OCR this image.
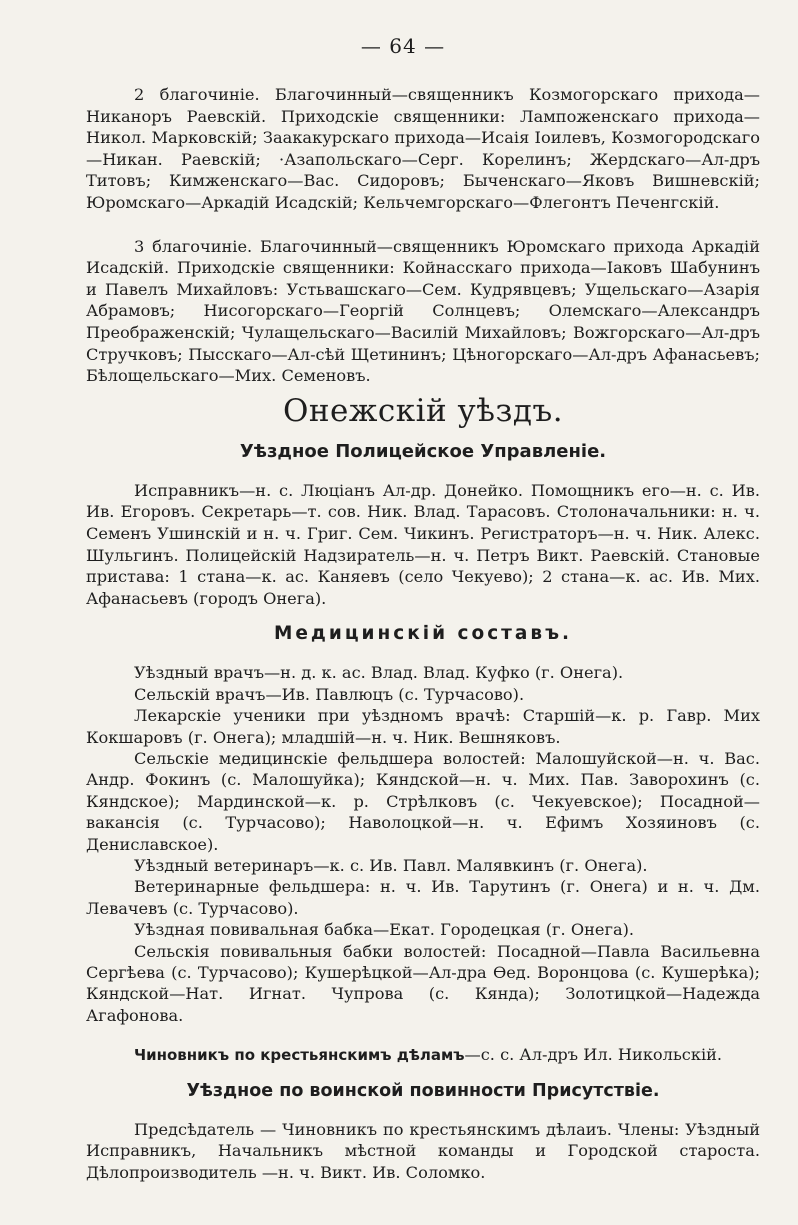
— 64 —

2 благочиніе. Благочинный—священникъ Козмогорскаго прихода—Никаноръ Раевскій. Приходскіе священники: Лампоженскаго прихода—Никол. Марковскій; Заакакурскаго прихода—Исаія Іоилевъ, Козмогородскаго—Никан. Раевскій; ·Азапольскаго—Серг. Корелинъ; Жердскаго—Ал-дръ Титовъ; Кимженскаго—Вас. Сидоровъ; Быченскаго—Яковъ Вишневскій; Юромскаго—Аркадій Исадскій; Кельчемгорскаго—Флегонтъ Печенгскій.

3 благочиніе. Благочинный—священникъ Юромскаго прихода Аркадій Исадскій. Приходскіе священники: Койнасскаго прихода—Іаковъ Шабунинъ и Павелъ Михайловъ: Устьвашскаго—Сем. Кудрявцевъ; Ущельскаго—Азарія Абрамовъ; Нисогорскаго—Георгій Солнцевъ; Олемскаго—Александръ Преображенскій; Чулащельскаго—Василій Михайловъ; Вожгорскаго—Ал-дръ Стручковъ; Пысскаго—Ал-сѣй Щетининъ; Цѣногорскаго—Ал-дръ Афанасьевъ; Бѣлощельскаго—Мих. Семеновъ.

Онежскій уѣздъ.
Уѣздное Полицейское Управленіе.

Исправникъ—н. с. Люціанъ Ал-др. Донейко. Помощникъ его—н. с. Ив. Ив. Егоровъ. Секретарь—т. сов. Ник. Влад. Тарасовъ. Столоначальники: н. ч. Семенъ Ушинскій и н. ч. Григ. Сем. Чикинъ. Регистраторъ—н. ч. Ник. Алекс. Шульгинъ. Полицейскій Надзиратель—н. ч. Петръ Викт. Раевскій. Становые пристава: 1 стана—к. ас. Каняевъ (село Чекуево); 2 стана—к. ас. Ив. Мих. Афанасьевъ (городъ Онега).

Медицинскій составъ.

Уѣздный врачъ—н. д. к. ас. Влад. Влад. Куфко (г. Онега).

Сельскій врачъ—Ив. Павлюцъ (с. Турчасово).

Лекарскіе ученики при уѣздномъ врачѣ: Старшій—к. р. Гавр. Мих Кокшаровъ (г. Онега); младшій—н. ч. Ник. Вешняковъ.

Сельскіе медицинскіе фельдшера волостей: Малошуйской—н. ч. Вас. Андр. Фокинъ (с. Малошуйка); Кяндской—н. ч. Мих. Пав. Заворохинъ (с. Кяндское); Мардинской—к. р. Стрѣлковъ (с. Чекуевское); Посадной—вакансія (с. Турчасово); Наволоцкой—н. ч. Ефимъ Хозяиновъ (с. Дениславское).

Уѣздный ветеринаръ—к. с. Ив. Павл. Малявкинъ (г. Онега).

Ветеринарные фельдшера: н. ч. Ив. Тарутинъ (г. Онега) и н. ч. Дм. Левачевъ (с. Турчасово).

Уѣздная повивальная бабка—Екат. Городецкая (г. Онега).

Сельскія повивальныя бабки волостей: Посадной—Павла Васильевна Сергѣева (с. Турчасово); Кушерѣцкой—Ал-дра Ѳед. Воронцова (с. Кушерѣка); Кяндской—Нат. Игнат. Чупрова (с. Кянда); Золотицкой—Надежда Агафонова.

Чиновникъ по крестьянскимъ дѣламъ—с. с. Ал-дръ Ил. Никольскій.

Уѣздное по воинской повинности Присутствіе.

Предсѣдатель — Чиновникъ по крестьянскимъ дѣлаиъ. Члены: Уѣздный Исправникъ, Начальникъ мѣстной команды и Городской староста. Дѣлопроизводитель —н. ч. Викт. Ив. Соломко.
